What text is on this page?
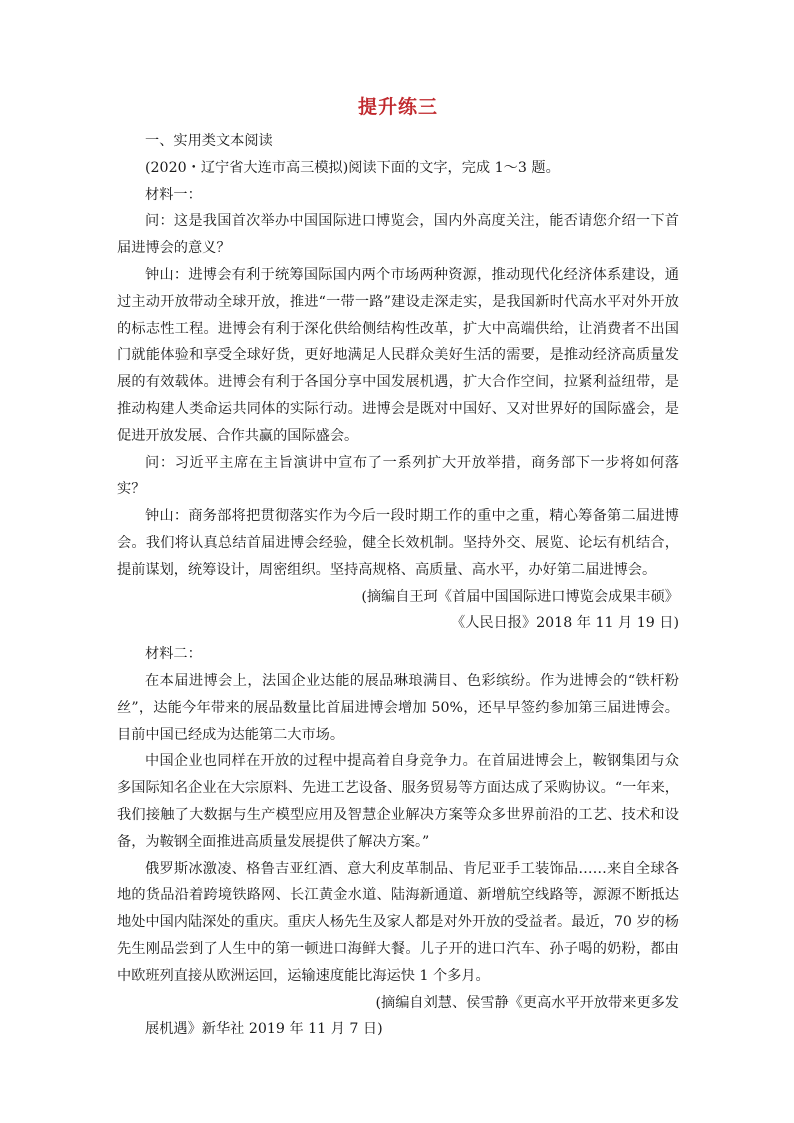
提升练三

一、实用类文本阅读

(2020・辽宁省大连市高三模拟)阅读下面的文字，完成 1～3 题。

材料一：

问：这是我国首次举办中国国际进口博览会，国内外高度关注，能否请您介绍一下首届进博会的意义？

钟山：进博会有利于统筹国际国内两个市场两种资源，推动现代化经济体系建设，通过主动开放带动全球开放，推进“一带一路”建设走深走实，是我国新时代高水平对外开放的标志性工程。进博会有利于深化供给侧结构性改革，扩大中高端供给，让消费者不出国门就能体验和享受全球好货，更好地满足人民群众美好生活的需要，是推动经济高质量发展的有效载体。进博会有利于各国分享中国发展机遇，扩大合作空间，拉紧利益纽带，是推动构建人类命运共同体的实际行动。进博会是既对中国好、又对世界好的国际盛会，是促进开放发展、合作共赢的国际盛会。

问：习近平主席在主旨演讲中宣布了一系列扩大开放举措，商务部下一步将如何落实？

钟山：商务部将把贯彻落实作为今后一段时期工作的重中之重，精心筹备第二届进博会。我们将认真总结首届进博会经验，健全长效机制。坚持外交、展览、论坛有机结合，提前谋划，统筹设计，周密组织。坚持高规格、高质量、高水平，办好第二届进博会。

(摘编自王珂《首届中国国际进口博览会成果丰硕》

《人民日报》2018 年 11 月 19 日)

材料二：

在本届进博会上，法国企业达能的展品琳琅满目、色彩缤纷。作为进博会的“铁杆粉丝”，达能今年带来的展品数量比首届进博会增加 50%，还早早签约参加第三届进博会。目前中国已经成为达能第二大市场。

中国企业也同样在开放的过程中提高着自身竞争力。在首届进博会上，鞍钢集团与众多国际知名企业在大宗原料、先进工艺设备、服务贸易等方面达成了采购协议。“一年来，我们接触了大数据与生产模型应用及智慧企业解决方案等众多世界前沿的工艺、技术和设备，为鞍钢全面推进高质量发展提供了解决方案。”

俄罗斯冰激凌、格鲁吉亚红酒、意大利皮革制品、肯尼亚手工装饰品……来自全球各地的货品沿着跨境铁路网、长江黄金水道、陆海新通道、新增航空线路等，源源不断抵达地处中国内陆深处的重庆。重庆人杨先生及家人都是对外开放的受益者。最近，70 岁的杨先生刚品尝到了人生中的第一顿进口海鲜大餐。儿子开的进口汽车、孙子喝的奶粉，都由中欧班列直接从欧洲运回，运输速度能比海运快 1 个多月。

(摘编自刘慧、侯雪静《更高水平开放带来更多发

展机遇》新华社 2019 年 11 月 7 日)
